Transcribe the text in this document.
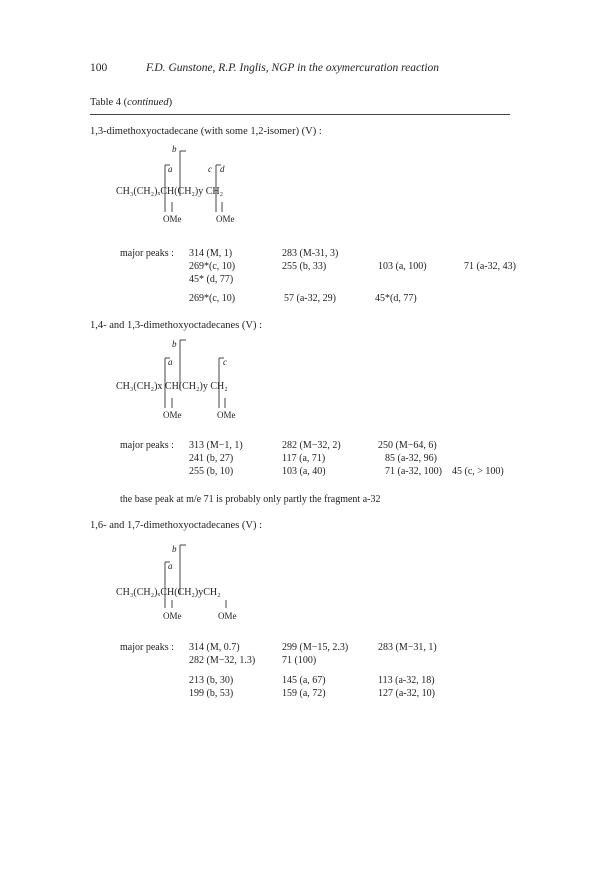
100	F.D. Gunstone, R.P. Inglis, NGP in the oxymercuration reaction
Table 4 (continued)
1,3-dimethoxyoctadecane (with some 1,2-isomer) (V) :
b
a	c d
CH₃(CH₂)ₓCH(CH₂)y CH₂
OMe	OMe
major peaks : 314 (M, 1)	283 (M-31, 3)
269*(c, 10)	255 (b, 33)	103 (a, 100)	71 (a-32, 43)
45* (d, 77)
269*(c, 10)	57 (a-32, 29)	45*(d, 77)
1,4- and 1,3-dimethoxyoctadecanes (V) :
b
a	c
CH₃(CH₂)x CH(CH₂)y CH₂
OMe	OMe
major peaks : 313 (M−1, 1)	282 (M−32, 2)	250 (M−64, 6)
241 (b, 27)	117 (a, 71)	85 (a-32, 96)
255 (b, 10)	103 (a, 40)	71 (a-32, 100) 45 (c, > 100)
the base peak at m/e 71 is probably only partly the fragment a-32
1,6- and 1,7-dimethoxyoctadecanes (V) :
b
a
CH₃(CH₂)ₓCH(CH₂)yCH₂
OMe	OMe
major peaks : 314 (M, 0.7)	299 (M−15, 2.3)	283 (M−31, 1)
282 (M−32, 1.3)	71 (100)
213 (b, 30)	145 (a, 67)	113 (a-32, 18)
199 (b, 53)	159 (a, 72)	127 (a-32, 10)
